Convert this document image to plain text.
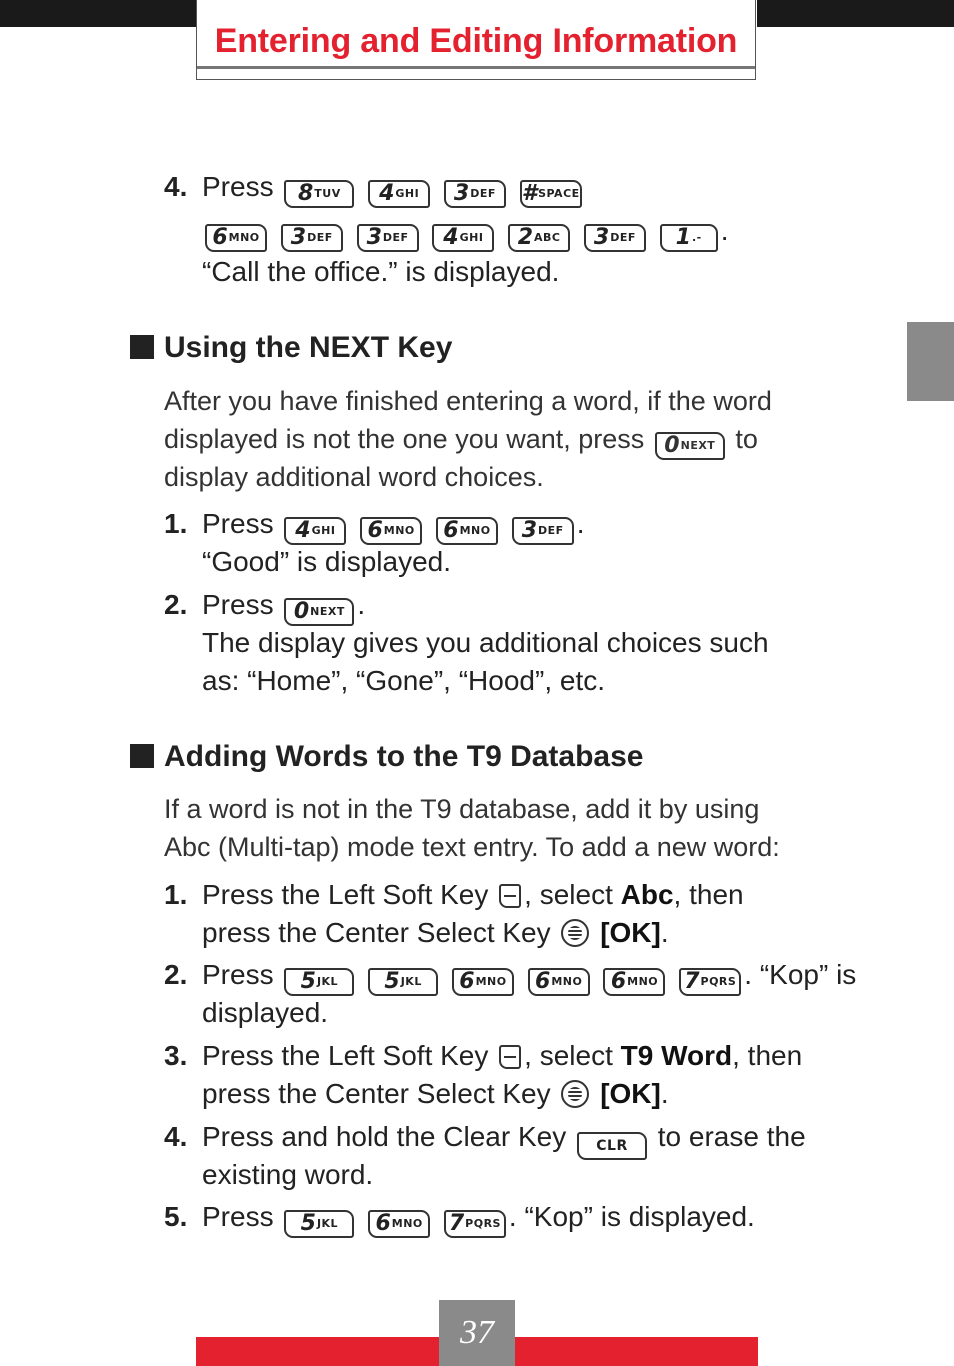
Entering and Editing Information
4. Press 8 TUV
4 GHI
3 DEF
# SPACE
6 MNO
3 DEF
3 DEF
4 GHI
2 ABC
3 DEF
1 .- .
“Call the office.” is displayed.
Using the NEXT Key
After you have finished entering a word, if the word
displayed is not the one you want, press 0 NEXT to
display additional word choices.
1. Press 4 GHI
6 MNO
6 MNO
3 DEF .
“Good” is displayed.
2. Press 0 NEXT .
The display gives you additional choices such
as: “Home”, “Gone”, “Hood”, etc.
Adding Words to the T9 Database
If a word is not in the T9 database, add it by using
Abc (Multi-tap) mode text entry. To add a new word:
1. Press the Left Soft Key , select Abc, then
press the Center Select Key [OK].
2. Press 5 JKL
5 JKL
6 MNO
6 MNO
6 MNO
7 PQRS . “Kop” is
displayed.
3. Press the Left Soft Key , select T9 Word, then
press the Center Select Key [OK].
4. Press and hold the Clear Key CLR to erase the
existing word.
5. Press 5 JKL
6 MNO
7 PQRS . “Kop” is displayed.
37
